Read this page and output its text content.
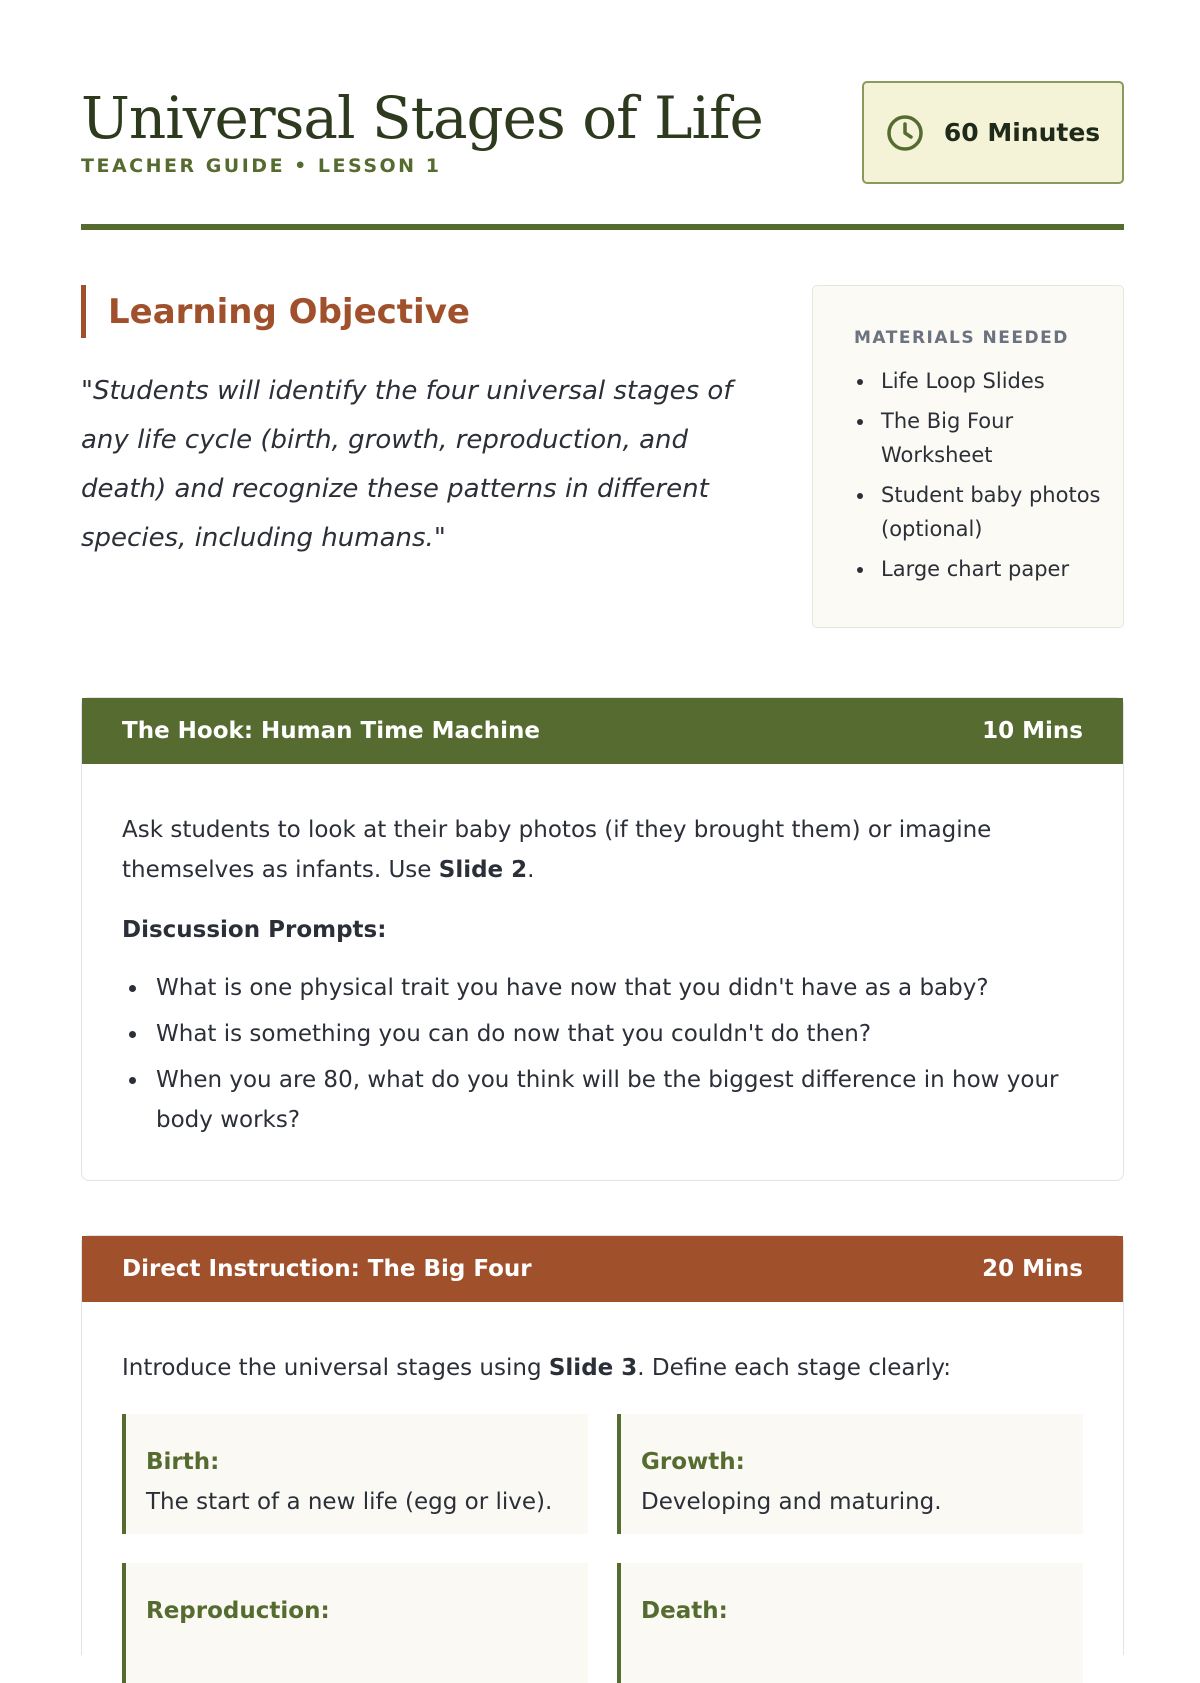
Universal Stages of Life
TEACHER GUIDE • LESSON 1
60 Minutes
Learning Objective

"Students will identify the four universal stages of any life cycle (birth, growth, reproduction, and death) and recognize these patterns in different species, including humans."

MATERIALS NEEDED
Life Loop Slides
The Big Four Worksheet
Student baby photos (optional)
Large chart paper
The Hook: Human Time Machine	10 Mins

Ask students to look at their baby photos (if they brought them) or imagine themselves as infants. Use Slide 2.

Discussion Prompts:
What is one physical trait you have now that you didn't have as a baby?
What is something you can do now that you couldn't do then?
When you are 80, what do you think will be the biggest difference in how your body works?
Direct Instruction: The Big Four	20 Mins

Introduce the universal stages using Slide 3. Define each stage clearly:

Birth:
The start of a new life (egg or live).
Growth:
Developing and maturing.
Reproduction:	Death:
